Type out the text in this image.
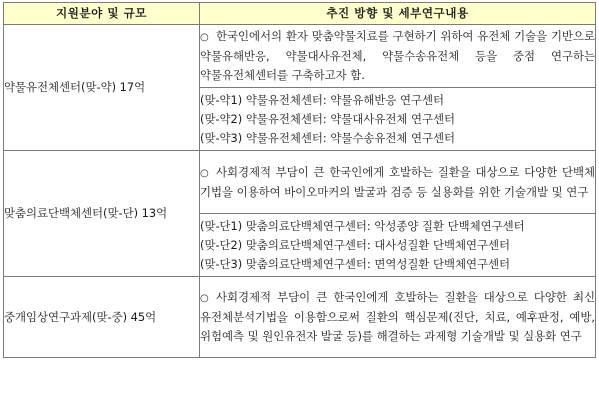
지원분야 및 규모	추진 방향 및 세부연구내용
약물유전체센터(맞-약) 17억	○ 한국인에서의 환자 맞춤약물치료를 구현하기 위하여 유전체 기술을 기반으로 약물유해반응, 약물대사유전체, 약물수송유전체 등을 중점 연구하는 약물유전체센터를 구축하고자 함.

	(맞-약1) 약물유전체센터: 약물유해반응 연구센터
(맞-약2) 약물유전체센터: 약물대사유전체 연구센터
(맞-약3) 약물유전체센터: 약물수송유전체 연구센터

맞춤의료단백체센터(맞-단) 13억	○ 사회경제적 부담이 큰 한국인에게 호발하는 질환을 대상으로 다양한 단백체 기법을 이용하여 바이오마커의 발굴과 검증 등 실용화를 위한 기술개발 및 연구

	(맞-단1) 맞춤의료단백체연구센터: 악성종양 질환 단백체연구센터
(맞-단2) 맞춤의료단백체연구센터: 대사성질환 단백체연구센터
(맞-단3) 맞춤의료단백체연구센터: 면역성질환 단백체연구센터

중개임상연구과제(맞-중) 45억	○ 사회경제적 부담이 큰 한국인에게 호발하는 질환을 대상으로 다양한 최신 유전체분석기법을 이용함으로써 질환의 핵심문제(진단, 치료, 예후판정, 예방, 위험예측 및 원인유전자 발굴 등)를 해결하는 과제형 기술개발 및 실용화 연구
